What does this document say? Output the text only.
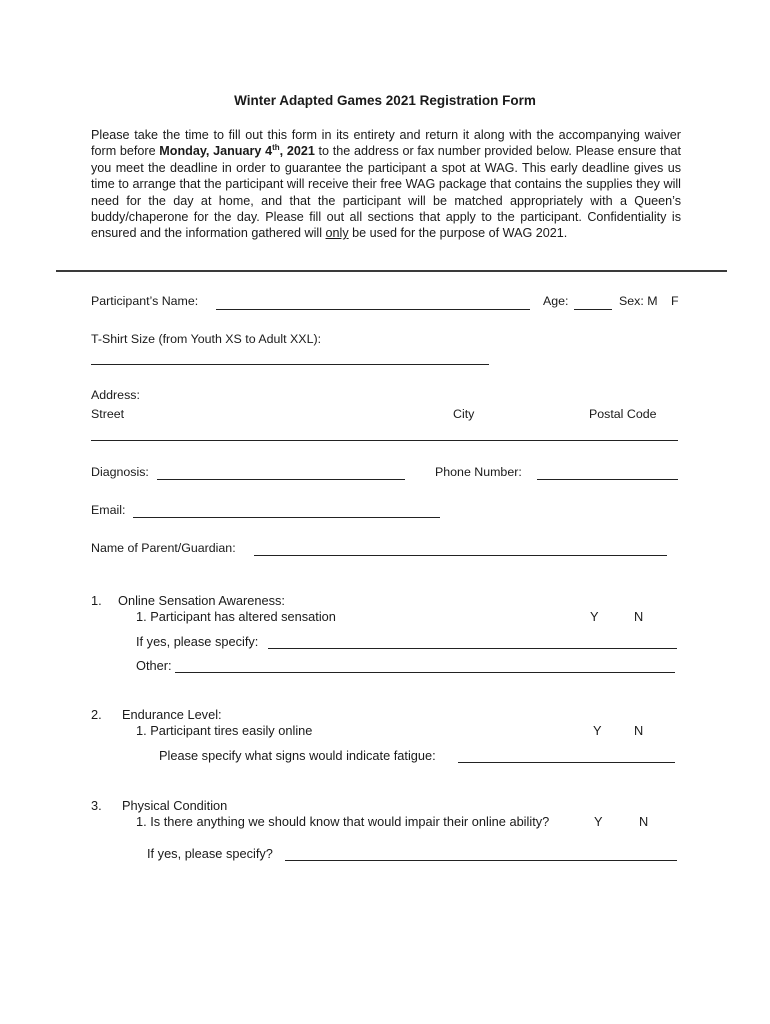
Winter Adapted Games 2021 Registration Form
Please take the time to fill out this form in its entirety and return it along with the accompanying waiver form before Monday, January 4th, 2021 to the address or fax number provided below. Please ensure that you meet the deadline in order to guarantee the participant a spot at WAG. This early deadline gives us time to arrange that the participant will receive their free WAG package that contains the supplies they will need for the day at home, and that the participant will be matched appropriately with a Queen’s buddy/chaperone for the day. Please fill out all sections that apply to the participant. Confidentiality is ensured and the information gathered will only be used for the purpose of WAG 2021.
Participant’s Name:	Age:	Sex: M F
T-Shirt Size (from Youth XS to Adult XXL):
Address:
Street	City	Postal Code
Diagnosis:	Phone Number:
Email:
Name of Parent/Guardian:
1. Online Sensation Awareness:
1. Participant has altered sensation	Y	N
If yes, please specify:
Other:
2. Endurance Level:
1. Participant tires easily online	Y	N
Please specify what signs would indicate fatigue:
3. Physical Condition
1. Is there anything we should know that would impair their online ability?	Y	N
If yes, please specify?
